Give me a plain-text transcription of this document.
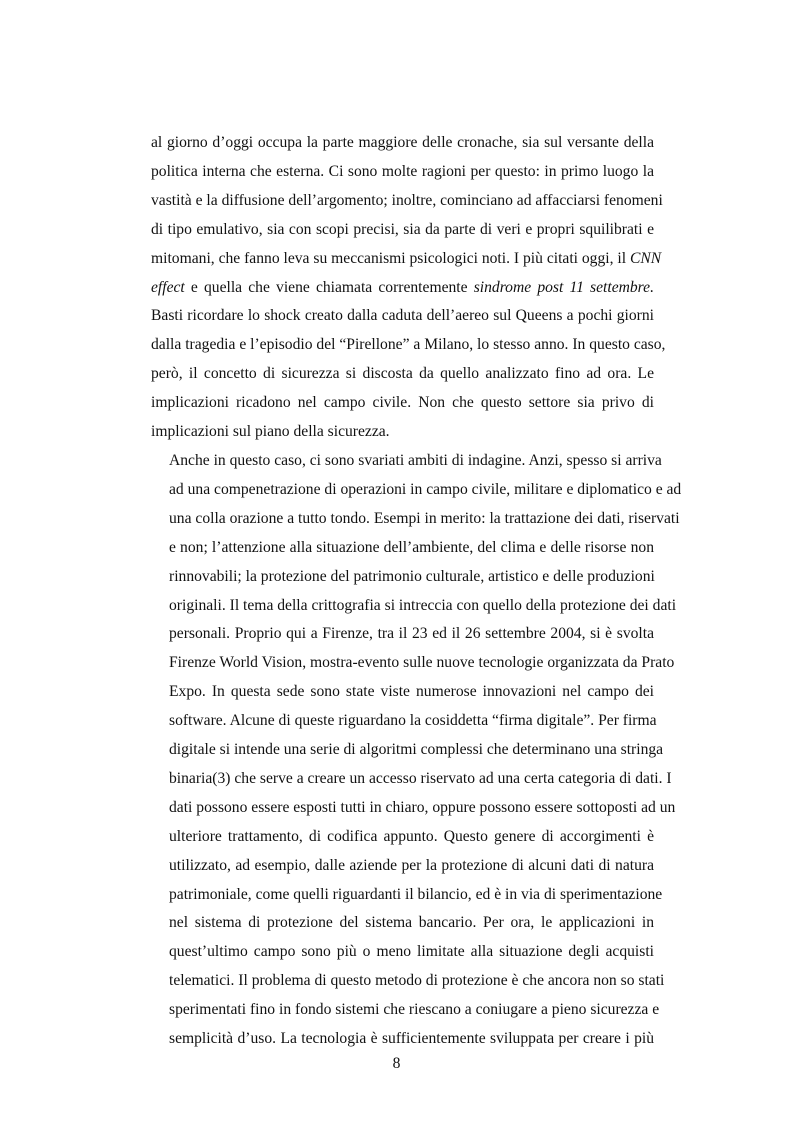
al giorno d’oggi occupa la parte maggiore delle cronache, sia sul versante della
politica interna che esterna. Ci sono molte ragioni per questo: in primo luogo la
vastità e la diffusione dell’argomento; inoltre, cominciano ad affacciarsi fenomeni
di tipo emulativo, sia con scopi precisi, sia da parte di veri e propri squilibrati e
mitomani, che fanno leva su meccanismi psicologici noti. I più citati oggi, il CNN
effect e quella che viene chiamata correntemente sindrome post 11 settembre.
Basti ricordare lo shock creato dalla caduta dell’aereo sul Queens a pochi giorni
dalla tragedia e l’episodio del “Pirellone” a Milano, lo stesso anno. In questo caso,
però, il concetto di sicurezza si discosta da quello analizzato fino ad ora. Le
implicazioni ricadono nel campo civile. Non che questo settore sia privo di
implicazioni sul piano della sicurezza.

Anche in questo caso, ci sono svariati ambiti di indagine. Anzi, spesso si arriva
ad una compenetrazione di operazioni in campo civile, militare e diplomatico e ad
una colla orazione a tutto tondo. Esempi in merito: la trattazione dei dati, riservati
e non; l’attenzione alla situazione dell’ambiente, del clima e delle risorse non
rinnovabili; la protezione del patrimonio culturale, artistico e delle produzioni
originali. Il tema della crittografia si intreccia con quello della protezione dei dati
personali. Proprio qui a Firenze, tra il 23 ed il 26 settembre 2004, si è svolta
Firenze World Vision, mostra-evento sulle nuove tecnologie organizzata da Prato
Expo. In questa sede sono state viste numerose innovazioni nel campo dei
software. Alcune di queste riguardano la cosiddetta “firma digitale”. Per firma
digitale si intende una serie di algoritmi complessi che determinano una stringa
binaria(3) che serve a creare un accesso riservato ad una certa categoria di dati. I
dati possono essere esposti tutti in chiaro, oppure possono essere sottoposti ad un
ulteriore trattamento, di codifica appunto. Questo genere di accorgimenti è
utilizzato, ad esempio, dalle aziende per la protezione di alcuni dati di natura
patrimoniale, come quelli riguardanti il bilancio, ed è in via di sperimentazione
nel sistema di protezione del sistema bancario. Per ora, le applicazioni in
quest’ultimo campo sono più o meno limitate alla situazione degli acquisti
telematici. Il problema di questo metodo di protezione è che ancora non so stati
sperimentati fino in fondo sistemi che riescano a coniugare a pieno sicurezza e
semplicità d’uso. La tecnologia è sufficientemente sviluppata per creare i più

8
